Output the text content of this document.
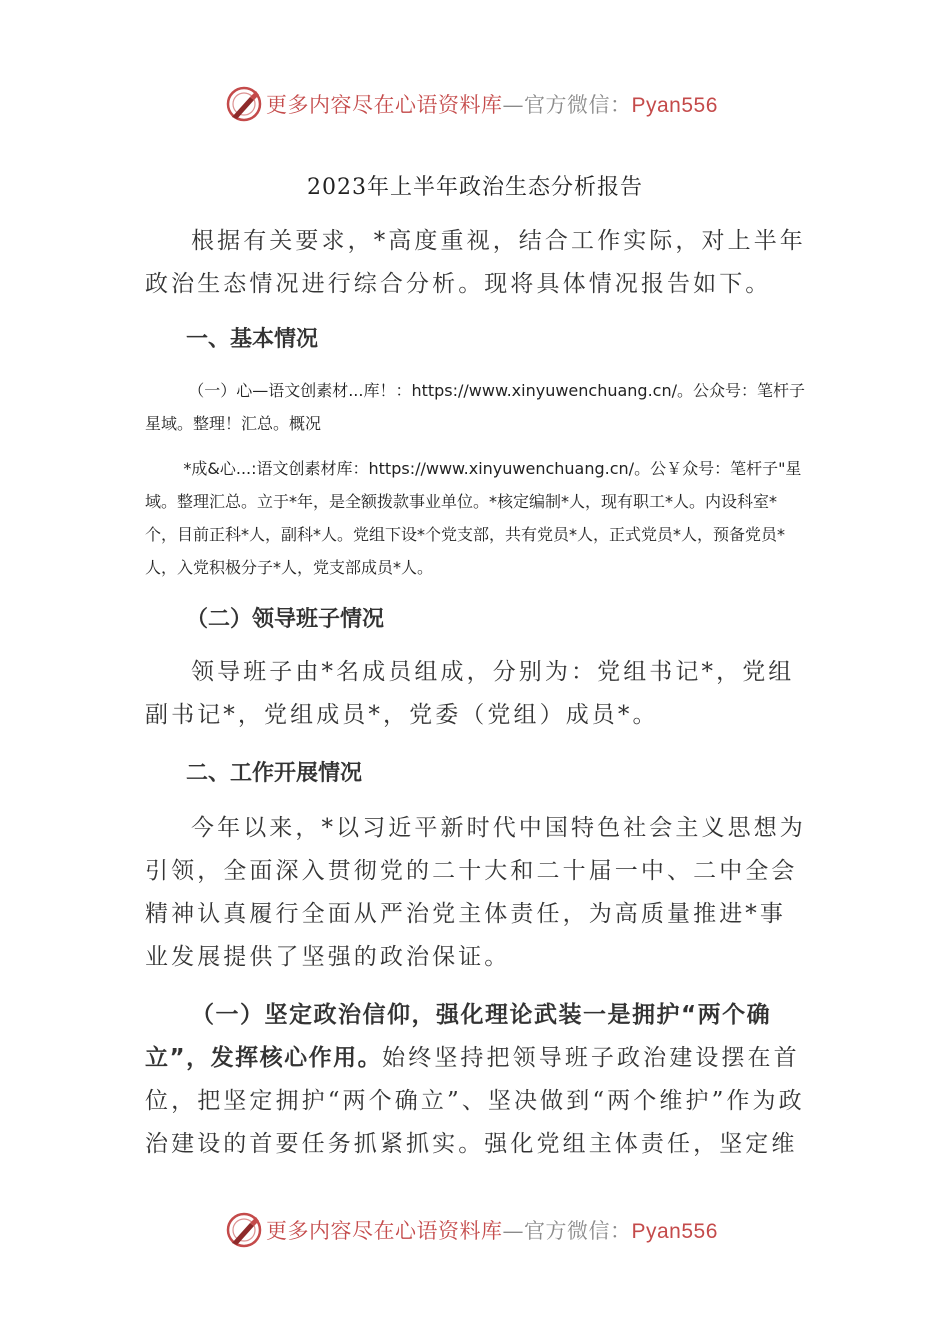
更多内容尽在心语资料库—官方微信：Pyan556
2023年上半年政治生态分析报告

根据有关要求，*高度重视，结合工作实际，对上半年政治生态情况进行综合分析。现将具体情况报告如下。

一、基本情况

（一）心—语文创素材...库！：https://www.xinyuwenchuang.cn/。公众号：笔杆子星域。整理！汇总。概况

*成&心...:语文创素材库：https://www.xinyuwenchuang.cn/。公￥众号：笔杆子"星域。整理汇总。立于*年，是全额拨款事业单位。*核定编制*人，现有职工*人。内设科室*个，目前正科*人，副科*人。党组下设*个党支部，共有党员*人，正式党员*人，预备党员*人，入党积极分子*人，党支部成员*人。

（二）领导班子情况

领导班子由*名成员组成，分别为：党组书记*，党组副书记*，党组成员*，党委（党组）成员*。

二、工作开展情况

今年以来，*以习近平新时代中国特色社会主义思想为引领，全面深入贯彻党的二十大和二十届一中、二中全会精神认真履行全面从严治党主体责任，为高质量推进*事业发展提供了坚强的政治保证。

（一）坚定政治信仰，强化理论武装一是拥护“两个确立”，发挥核心作用。始终坚持把领导班子政治建设摆在首位，把坚定拥护“两个确立”、坚决做到“两个维护”作为政治建设的首要任务抓紧抓实。强化党组主体责任，坚定维

更多内容尽在心语资料库—官方微信：Pyan556
